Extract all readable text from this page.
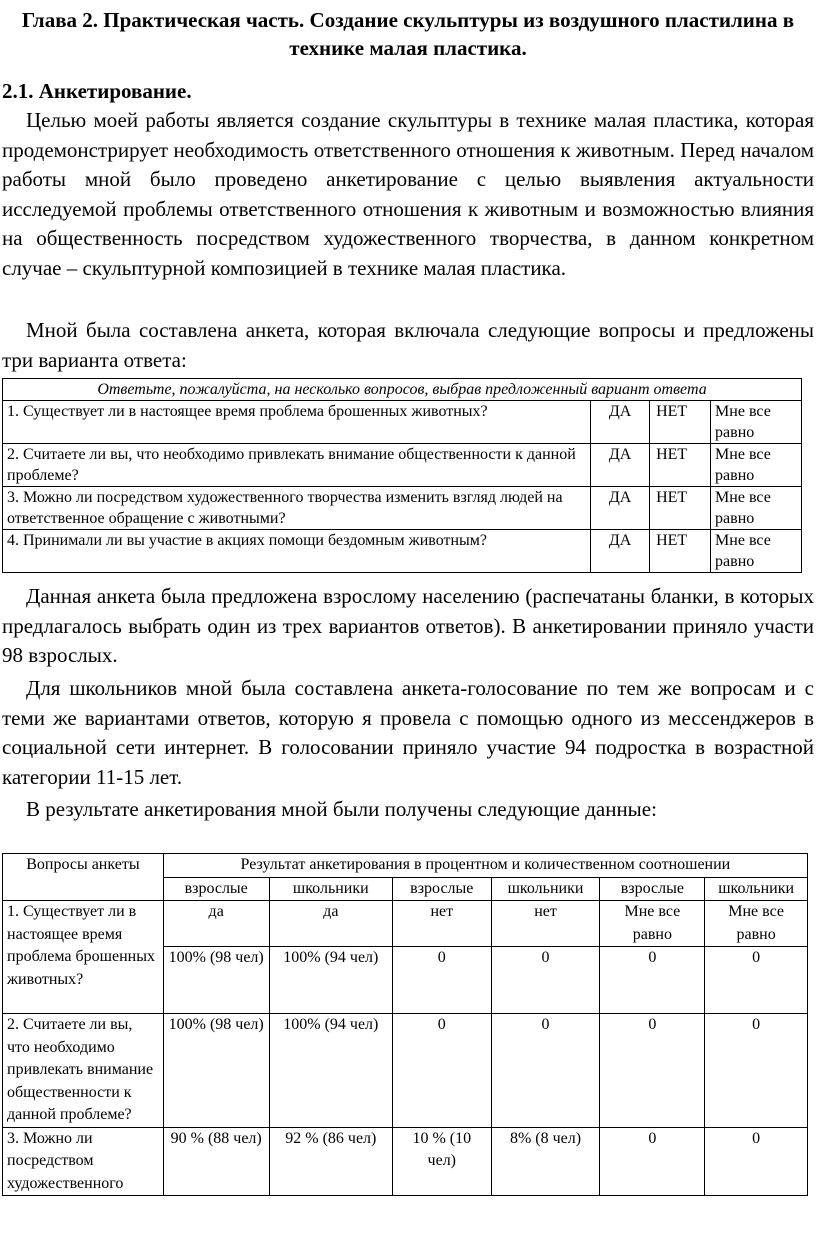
Глава 2. Практическая часть. Создание скульптуры из воздушного пластилина в технике малая пластика.
2.1. Анкетирование.
Целью моей работы является создание скульптуры в технике малая пластика, которая продемонстрирует необходимость ответственного отношения к животным. Перед началом работы мной было проведено анкетирование с целью выявления актуальности исследуемой проблемы ответственного отношения к животным и возможностью влияния на общественность посредством художественного творчества, в данном конкретном случае – скульптурной композицией в технике малая пластика.
Мной была составлена анкета, которая включала следующие вопросы и предложены три варианта ответа:
Ответьте, пожалуйста, на несколько вопросов, выбрав предложенный вариант ответа			
1. Существует ли в настоящее время проблема брошенных животных?	ДА	НЕТ	Мне все равно
2. Считаете ли вы, что необходимо привлекать внимание общественности к данной проблеме?	ДА	НЕТ	Мне все равно
3. Можно ли посредством художественного творчества изменить взгляд людей на ответственное обращение с животными?	ДА	НЕТ	Мне все равно
4. Принимали ли вы участие в акциях помощи бездомным животным?	ДА	НЕТ	Мне все равно
Данная анкета была предложена взрослому населению (распечатаны бланки, в которых предлагалось выбрать один из трех вариантов ответов). В анкетировании приняло участи 98 взрослых.
Для школьников мной была составлена анкета-голосование по тем же вопросам и с теми же вариантами ответов, которую я провела с помощью одного из мессенджеров в социальной сети интернет. В голосовании приняло участие 94 подростка в возрастной категории 11-15 лет.
В результате анкетирования мной были получены следующие данные:
Вопросы анкеты	Результат анкетирования в процентном и количественном соотношении					
	взрослые	школьники	взрослые	школьники	взрослые	школьники
1. Существует ли в настоящее время проблема брошенных животных?	да	да	нет	нет	Мне все равно	Мне все равно
	100% (98 чел)	100% (94 чел)	0	0	0	0
2. Считаете ли вы, что необходимо привлекать внимание общественности к данной проблеме?	100% (98 чел)	100% (94 чел)	0	0	0	0
3. Можно ли посредством художественного	90 % (88 чел)	92 % (86 чел)	10 % (10 чел)	8% (8 чел)	0	0
